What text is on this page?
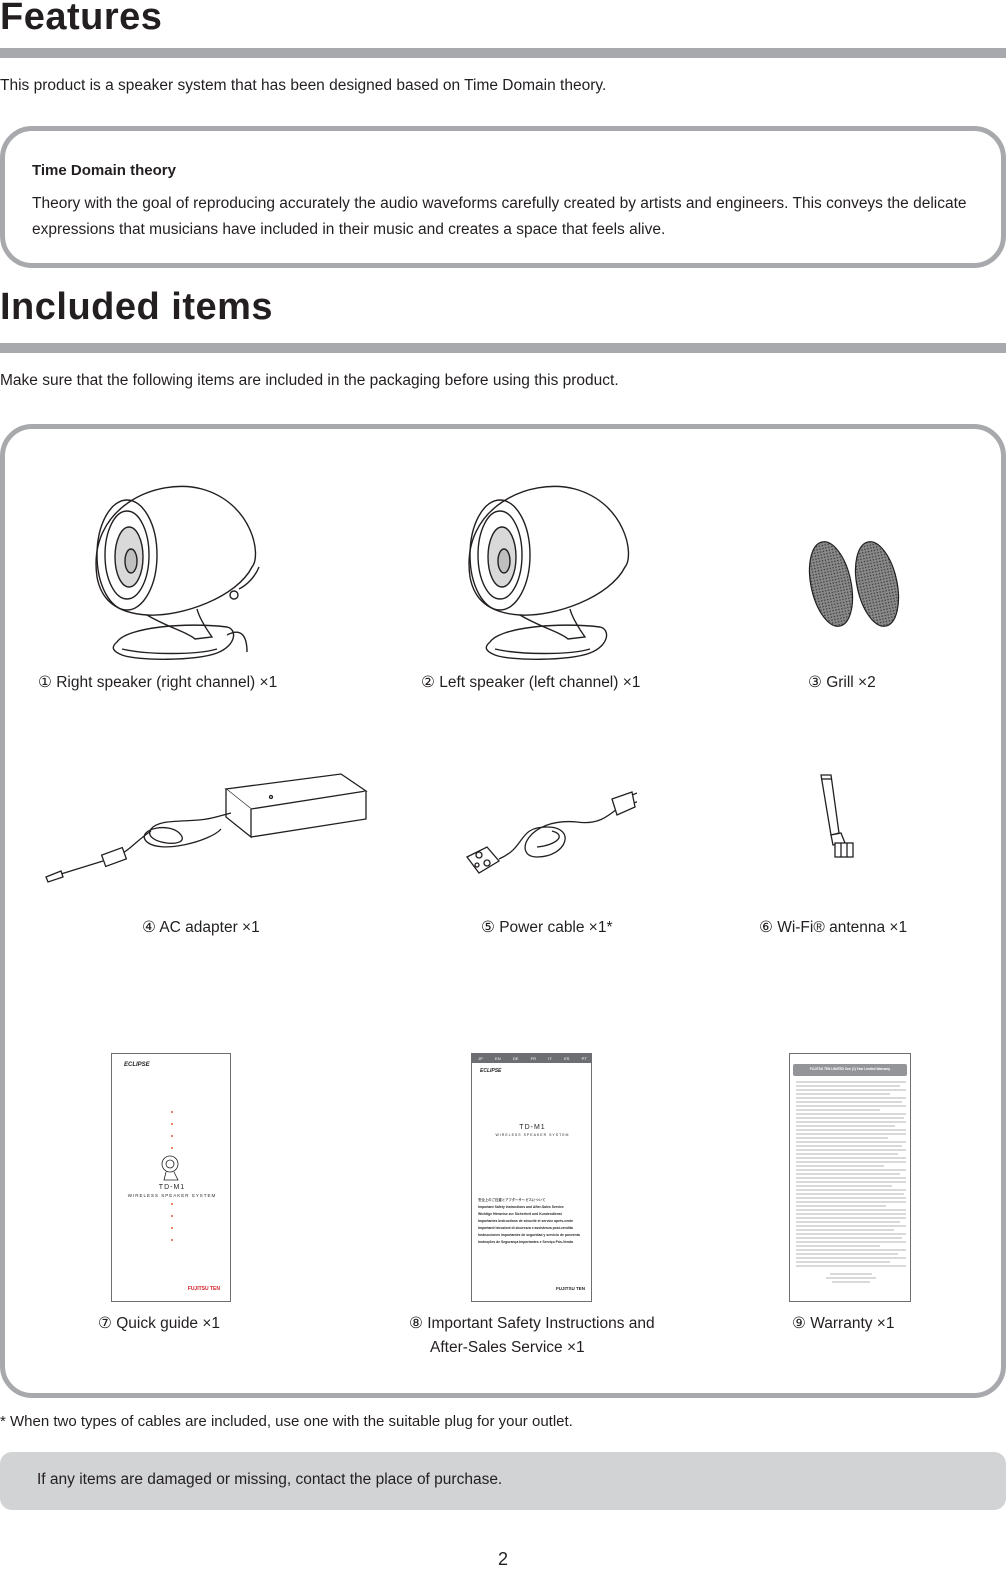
Features
This product is a speaker system that has been designed based on Time Domain theory.
Time Domain theory
Theory with the goal of reproducing accurately the audio waveforms carefully created by artists and engineers. This conveys the delicate expressions that musicians have included in their music and creates a space that feels alive.
Included items
Make sure that the following items are included in the packaging before using this product.
① Right speaker (right channel) ×1	② Left speaker (left channel) ×1	③ Grill ×2
④ AC adapter ×1	⑤ Power cable ×1*	⑥ Wi-Fi® antenna ×1
ECLIPSE
TD-M1
WIRELESS SPEAKER SYSTEM
FUJITSU TEN
JP	EN	DE	FR	IT	ES	PT
ECLIPSE
TD-M1
WIRELESS SPEAKER SYSTEM
安全上のご注意とアフターサービスについて
Important Safety Instructions and After-Sales Service
Wichtige Hinweise zur Sicherheit und Kundendienst
Importantes Instructions de sécurité et service après-vente
Importanti Istruzioni di sicurezza e assistenza post-vendita
Instrucciones importantes de seguridad y servicio de posventa
Instruções de Segurança Importantes e Serviço Pós-Venda
FUJITSU TEN
FUJITSU TEN LIMITED One (1) Year Limited Warranty
⑦ Quick guide ×1	⑧ Important Safety Instructions and
After-Sales Service ×1
⑨ Warranty ×1
* When two types of cables are included, use one with the suitable plug for your outlet.
If any items are damaged or missing, contact the place of purchase.
2
